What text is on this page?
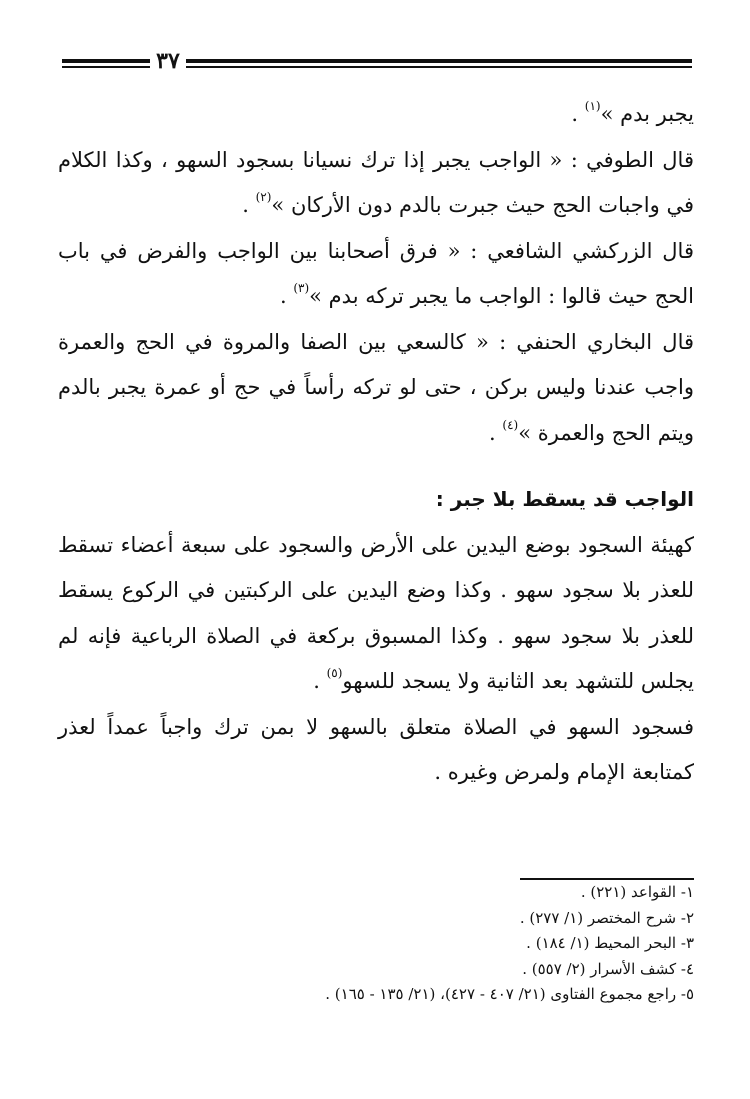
٣٧

يجبر بدم »$^{(١)}$ .

قال الطوفي : « الواجب يجبر إذا ترك نسيانا بسجود السهو ، وكذا الكلام في واجبات الحج حيث جبرت بالدم دون الأركان »$^{(٢)}$ .

قال الزركشي الشافعي : « فرق أصحابنا بين الواجب والفرض في باب الحج حيث قالوا : الواجب ما يجبر تركه بدم »$^{(٣)}$ .

قال البخاري الحنفي : « كالسعي بين الصفا والمروة في الحج والعمرة واجب عندنا وليس بركن ، حتى لو تركه رأساً في حج أو عمرة يجبر بالدم ويتم الحج والعمرة »$^{(٤)}$ .

الواجب قد يسقط بلا جبر :

كهيئة السجود بوضع اليدين على الأرض والسجود على سبعة أعضاء تسقط للعذر بلا سجود سهو . وكذا وضع اليدين على الركبتين في الركوع يسقط للعذر بلا سجود سهو . وكذا المسبوق بركعة في الصلاة الرباعية فإنه لم يجلس للتشهد بعد الثانية ولا يسجد للسهو$^{(٥)}$ .

فسجود السهو في الصلاة متعلق بالسهو لا بمن ترك واجباً عمداً لعذر كمتابعة الإمام ولمرض وغيره .

١- القواعد (٢٢١) .

٢- شرح المختصر (١/ ٢٧٧) .

٣- البحر المحيط (١/ ١٨٤) .

٤- كشف الأسرار (٢/ ٥٥٧) .

٥- راجع مجموع الفتاوى (٢١/ ٤٠٧ - ٤٢٧)، (٢١/ ١٣٥ - ١٦٥) .
